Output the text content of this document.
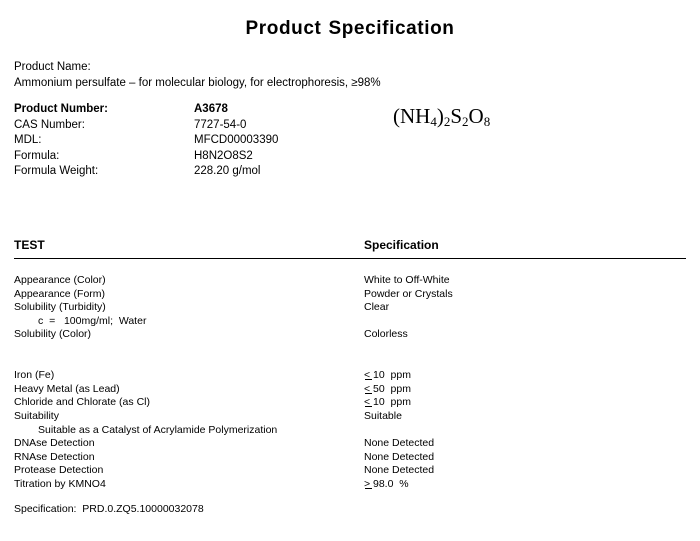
Product Specification
Product Name:
Ammonium persulfate – for molecular biology, for electrophoresis, ≥98%
Product Number:	A3678
CAS Number:	7727-54-0
MDL:	MFCD00003390
Formula:	H8N2O8S2
Formula Weight:	228.20 g/mol
$(NH_4)_2S_2O_8$
TEST	Specification
Appearance (Color)	White to Off-White
Appearance (Form)	Powder or Crystals
Solubility (Turbidity)	Clear
c  =   100mg/ml;  Water
Solubility (Color)	Colorless
Iron (Fe)	< 10  ppm
Heavy Metal (as Lead)	< 50  ppm
Chloride and Chlorate (as Cl)	< 10  ppm
Suitability	Suitable
Suitable as a Catalyst of Acrylamide Polymerization
DNAse Detection	None Detected
RNAse Detection	None Detected
Protease Detection	None Detected
Titration by KMNO4	> 98.0  %
Specification:  PRD.0.ZQ5.10000032078
